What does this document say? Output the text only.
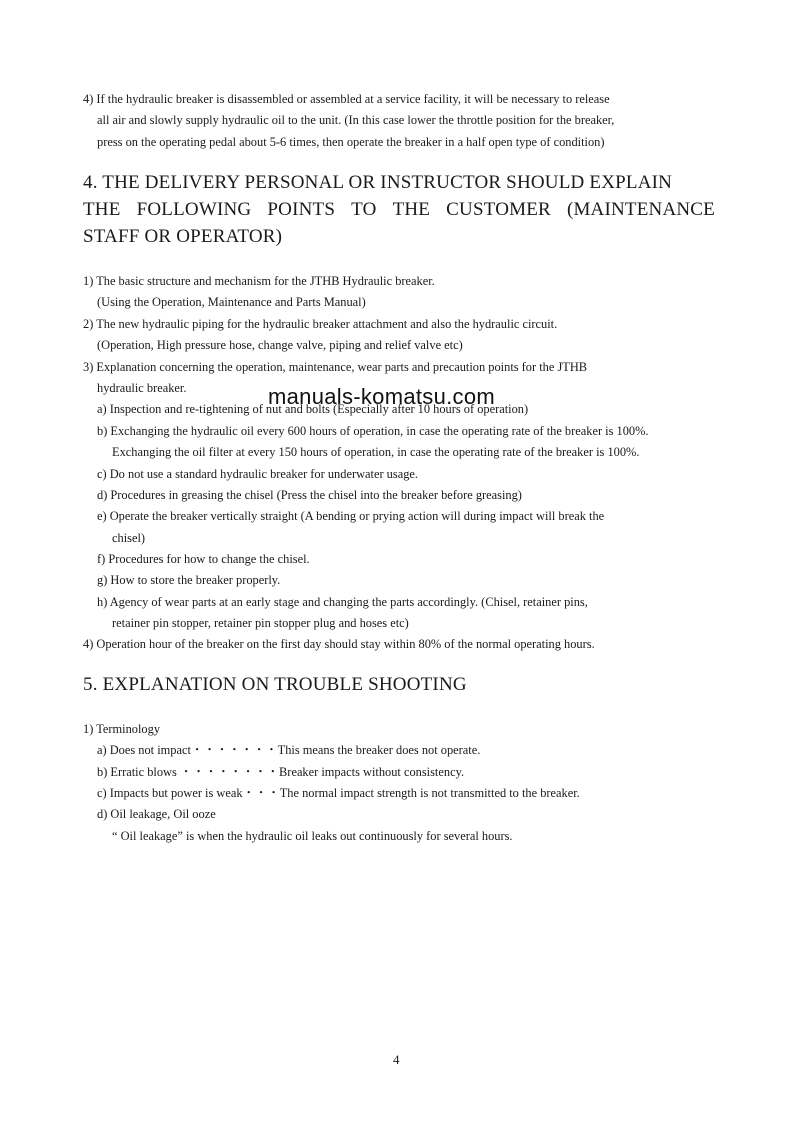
4) If the hydraulic breaker is disassembled or assembled at a service facility, it will be necessary to release
all air and slowly supply hydraulic oil to the unit. (In this case lower the throttle position for the breaker,
press on the operating pedal about 5-6 times, then operate the breaker in a half open type of condition)
4. THE DELIVERY PERSONAL OR INSTRUCTOR SHOULD EXPLAIN
THE FOLLOWING POINTS TO THE CUSTOMER (MAINTENANCE
STAFF OR OPERATOR)
1) The basic structure and mechanism for the JTHB Hydraulic breaker.
(Using the Operation, Maintenance and Parts Manual)
2) The new hydraulic piping for the hydraulic breaker attachment and also the hydraulic circuit.
(Operation, High pressure hose, change valve, piping and relief valve etc)
3) Explanation concerning the operation, maintenance, wear parts and precaution points for the JTHB
hydraulic breaker.
a) Inspection and re-tightening of nut and bolts (Especially after 10 hours of operation)
b) Exchanging the hydraulic oil every 600 hours of operation, in case the operating rate of the breaker is 100%.
Exchanging the oil filter at every 150 hours of operation, in case the operating rate of the breaker is 100%.
c) Do not use a standard hydraulic breaker for underwater usage.
d) Procedures in greasing the chisel (Press the chisel into the breaker before greasing)
e) Operate the breaker vertically straight (A bending or prying action will during impact will break the
chisel)
f) Procedures for how to change the chisel.
g) How to store the breaker properly.
h) Agency of wear parts at an early stage and changing the parts accordingly. (Chisel, retainer pins,
retainer pin stopper, retainer pin stopper plug and hoses etc)
4) Operation hour of the breaker on the first day should stay within 80% of the normal operating hours.
5. EXPLANATION ON TROUBLE SHOOTING
1) Terminology
a) Does not impact・・・・・・・This means the breaker does not operate.
b) Erratic blows ・・・・・・・・Breaker impacts without consistency.
c) Impacts but power is weak・・・The normal impact strength is not transmitted to the breaker.
d) Oil leakage, Oil ooze
“ Oil leakage” is when the hydraulic oil leaks out continuously for several hours.
manuals-komatsu.com
4
